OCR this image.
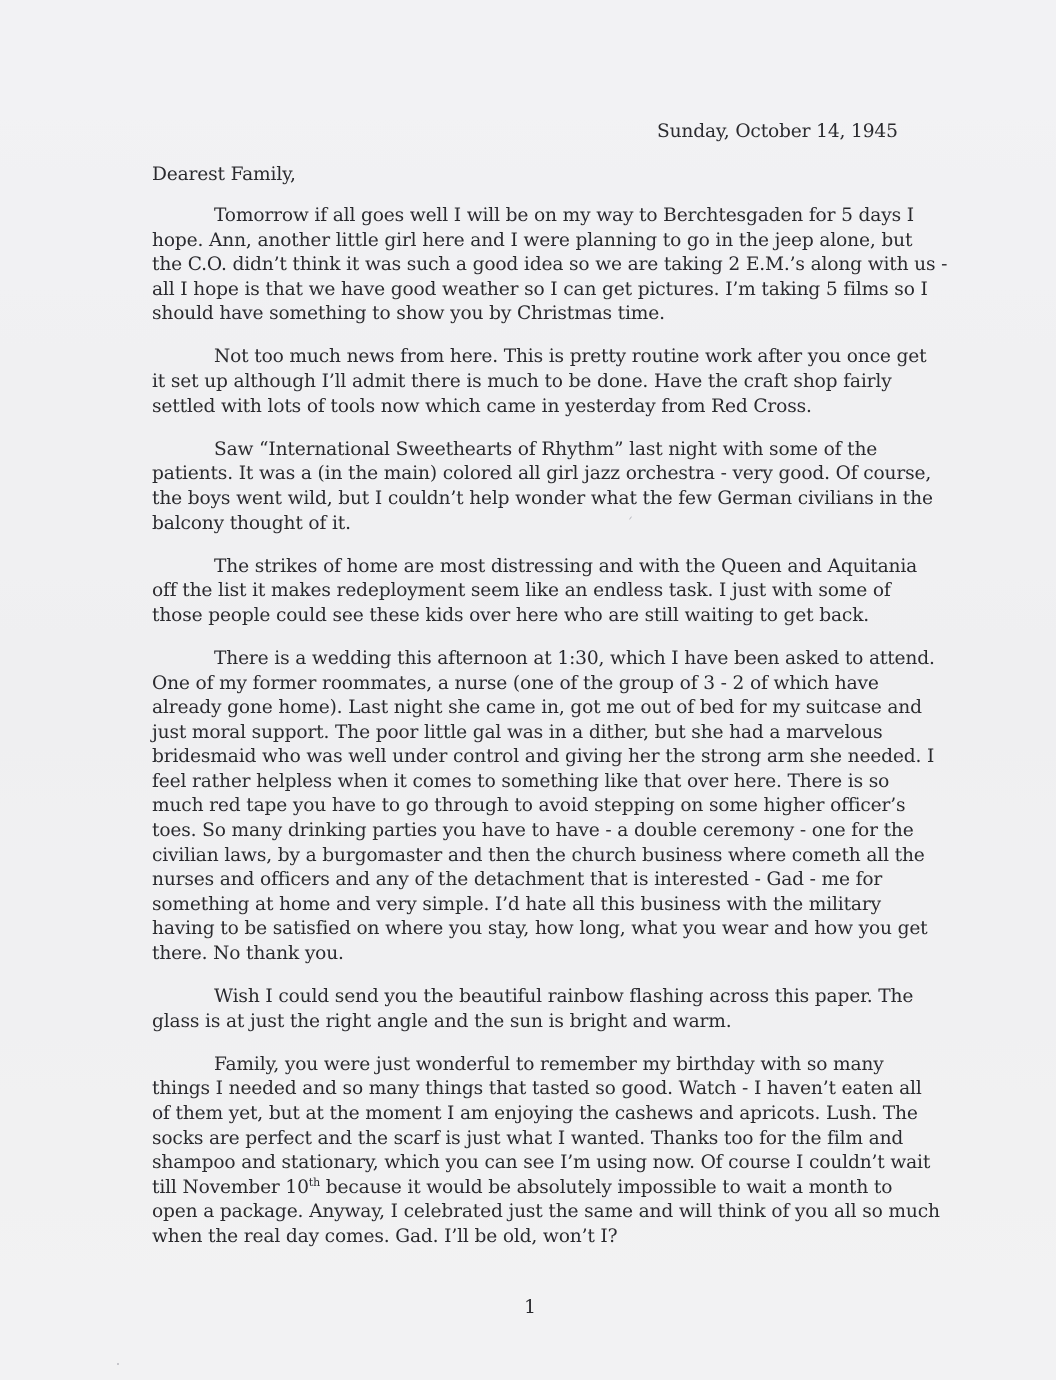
Sunday, October 14, 1945
Dearest Family,

Tomorrow if all goes well I will be on my way to Berchtesgaden for 5 days I
hope. Ann, another little girl here and I were planning to go in the jeep alone, but
the C.O. didn’t think it was such a good idea so we are taking 2 E.M.’s along with us -
all I hope is that we have good weather so I can get pictures. I’m taking 5 films so I
should have something to show you by Christmas time.

Not too much news from here. This is pretty routine work after you once get
it set up although I’ll admit there is much to be done. Have the craft shop fairly
settled with lots of tools now which came in yesterday from Red Cross.

Saw “International Sweethearts of Rhythm” last night with some of the
patients. It was a (in the main) colored all girl jazz orchestra - very good. Of course,
the boys went wild, but I couldn’t help wonder what the few German civilians in the
balcony thought of it.

The strikes of home are most distressing and with the Queen and Aquitania
off the list it makes redeployment seem like an endless task. I just with some of
those people could see these kids over here who are still waiting to get back.

There is a wedding this afternoon at 1:30, which I have been asked to attend.
One of my former roommates, a nurse (one of the group of 3 - 2 of which have
already gone home). Last night she came in, got me out of bed for my suitcase and
just moral support. The poor little gal was in a dither, but she had a marvelous
bridesmaid who was well under control and giving her the strong arm she needed. I
feel rather helpless when it comes to something like that over here. There is so
much red tape you have to go through to avoid stepping on some higher officer’s
toes. So many drinking parties you have to have - a double ceremony - one for the
civilian laws, by a burgomaster and then the church business where cometh all the
nurses and officers and any of the detachment that is interested - Gad - me for
something at home and very simple. I’d hate all this business with the military
having to be satisfied on where you stay, how long, what you wear and how you get
there. No thank you.

Wish I could send you the beautiful rainbow flashing across this paper. The
glass is at just the right angle and the sun is bright and warm.

Family, you were just wonderful to remember my birthday with so many
things I needed and so many things that tasted so good. Watch - I haven’t eaten all
of them yet, but at the moment I am enjoying the cashews and apricots. Lush. The
socks are perfect and the scarf is just what I wanted. Thanks too for the film and
shampoo and stationary, which you can see I’m using now. Of course I couldn’t wait
till November 10th because it would be absolutely impossible to wait a month to
open a package. Anyway, I celebrated just the same and will think of you all so much
when the real day comes. Gad. I’ll be old, won’t I?

1
